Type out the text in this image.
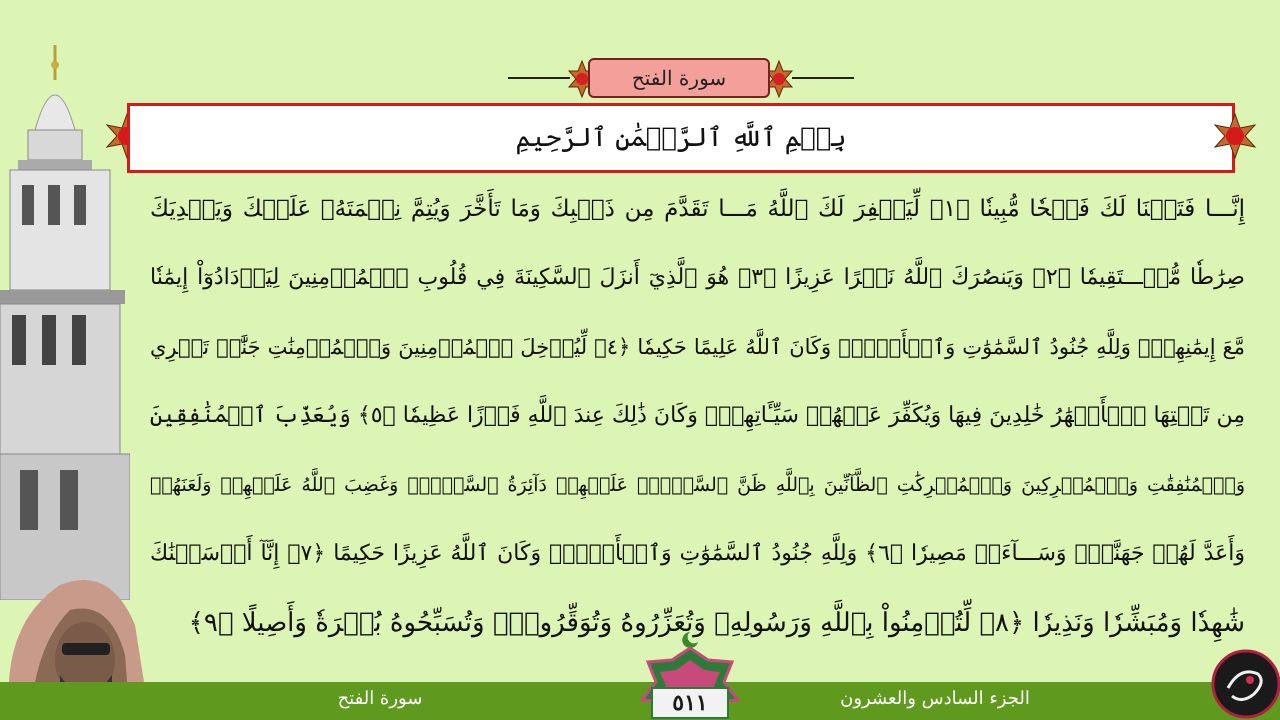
سورة الفتح
بِسۡمِ ٱللَّهِ ٱلرَّحۡمَٰنِ ٱلرَّحِيمِ
إِنَّـــا فَتَحۡنَا لَكَ فَتۡحٗا مُّبِينٗا ﴿١﴾ لِّيَغۡفِرَ لَكَ ٱللَّهُ مَـــا تَقَدَّمَ مِن ذَنۢبِكَ وَمَا تَأَخَّرَ وَيُتِمَّ نِعۡمَتَهُۥ عَلَيۡكَ وَيَهۡدِيَكَ
صِرَٰطٗا مُّسۡـــتَقِيمٗا ﴿٢﴾ وَيَنصُرَكَ ٱللَّهُ نَصۡرًا عَزِيزًا ﴿٣﴾ هُوَ ٱلَّذِيٓ أَنزَلَ ٱلسَّكِينَةَ فِي قُلُوبِ ٱلۡمُؤۡمِنِينَ لِيَزۡدَادُوٓاْ إِيمَٰنٗا
مَّعَ إِيمَٰنِهِمۡۗ وَلِلَّهِ جُنُودُ ٱلسَّمَٰوَٰتِ وَٱلۡأَرۡضِۚ وَكَانَ ٱللَّهُ عَلِيمًا حَكِيمٗا ﴿٤﴾ لِّيُدۡخِلَ ٱلۡمُؤۡمِنِينَ وَٱلۡمُؤۡمِنَٰتِ جَنَّٰتٖ تَجۡرِي
مِن تَحۡتِهَا ٱلۡأَنۡهَٰرُ خَٰلِدِينَ فِيهَا وَيُكَفِّرَ عَنۡهُمۡ سَيِّـَٔاتِهِمۡۚ وَكَانَ ذَٰلِكَ عِندَ ٱللَّهِ فَوۡزًا عَظِيمٗا ﴿٥﴾ وَيُعَذِّبَ ٱلۡمُنَٰفِقِينَ
وَٱلۡمُنَٰفِقَٰتِ وَٱلۡمُشۡرِكِينَ وَٱلۡمُشۡرِكَٰتِ ٱلظَّآنِّينَ بِٱللَّهِ ظَنَّ ٱلسَّوۡءِۚ عَلَيۡهِمۡ دَآئِرَةُ ٱلسَّوۡءِۖ وَغَضِبَ ٱللَّهُ عَلَيۡهِمۡ وَلَعَنَهُمۡ
وَأَعَدَّ لَهُمۡ جَهَنَّمَۖ وَسَـــآءَتۡ مَصِيرٗا ﴿٦﴾ وَلِلَّهِ جُنُودُ ٱلسَّمَٰوَٰتِ وَٱلۡأَرۡضِۚ وَكَانَ ٱللَّهُ عَزِيزًا حَكِيمًا ﴿٧﴾ إِنَّآ أَرۡسَلۡنَٰكَ
شَٰهِدٗا وَمُبَشِّرٗا وَنَذِيرٗا ﴿٨﴾ لِّتُؤۡمِنُواْ بِٱللَّهِ وَرَسُولِهِۦ وَتُعَزِّرُوهُ وَتُوَقِّرُوهُۚ وَتُسَبِّحُوهُ بُكۡرَةٗ وَأَصِيلًا ﴿٩﴾
سورة الفتح	الجزء السادس والعشرون
٥١١
